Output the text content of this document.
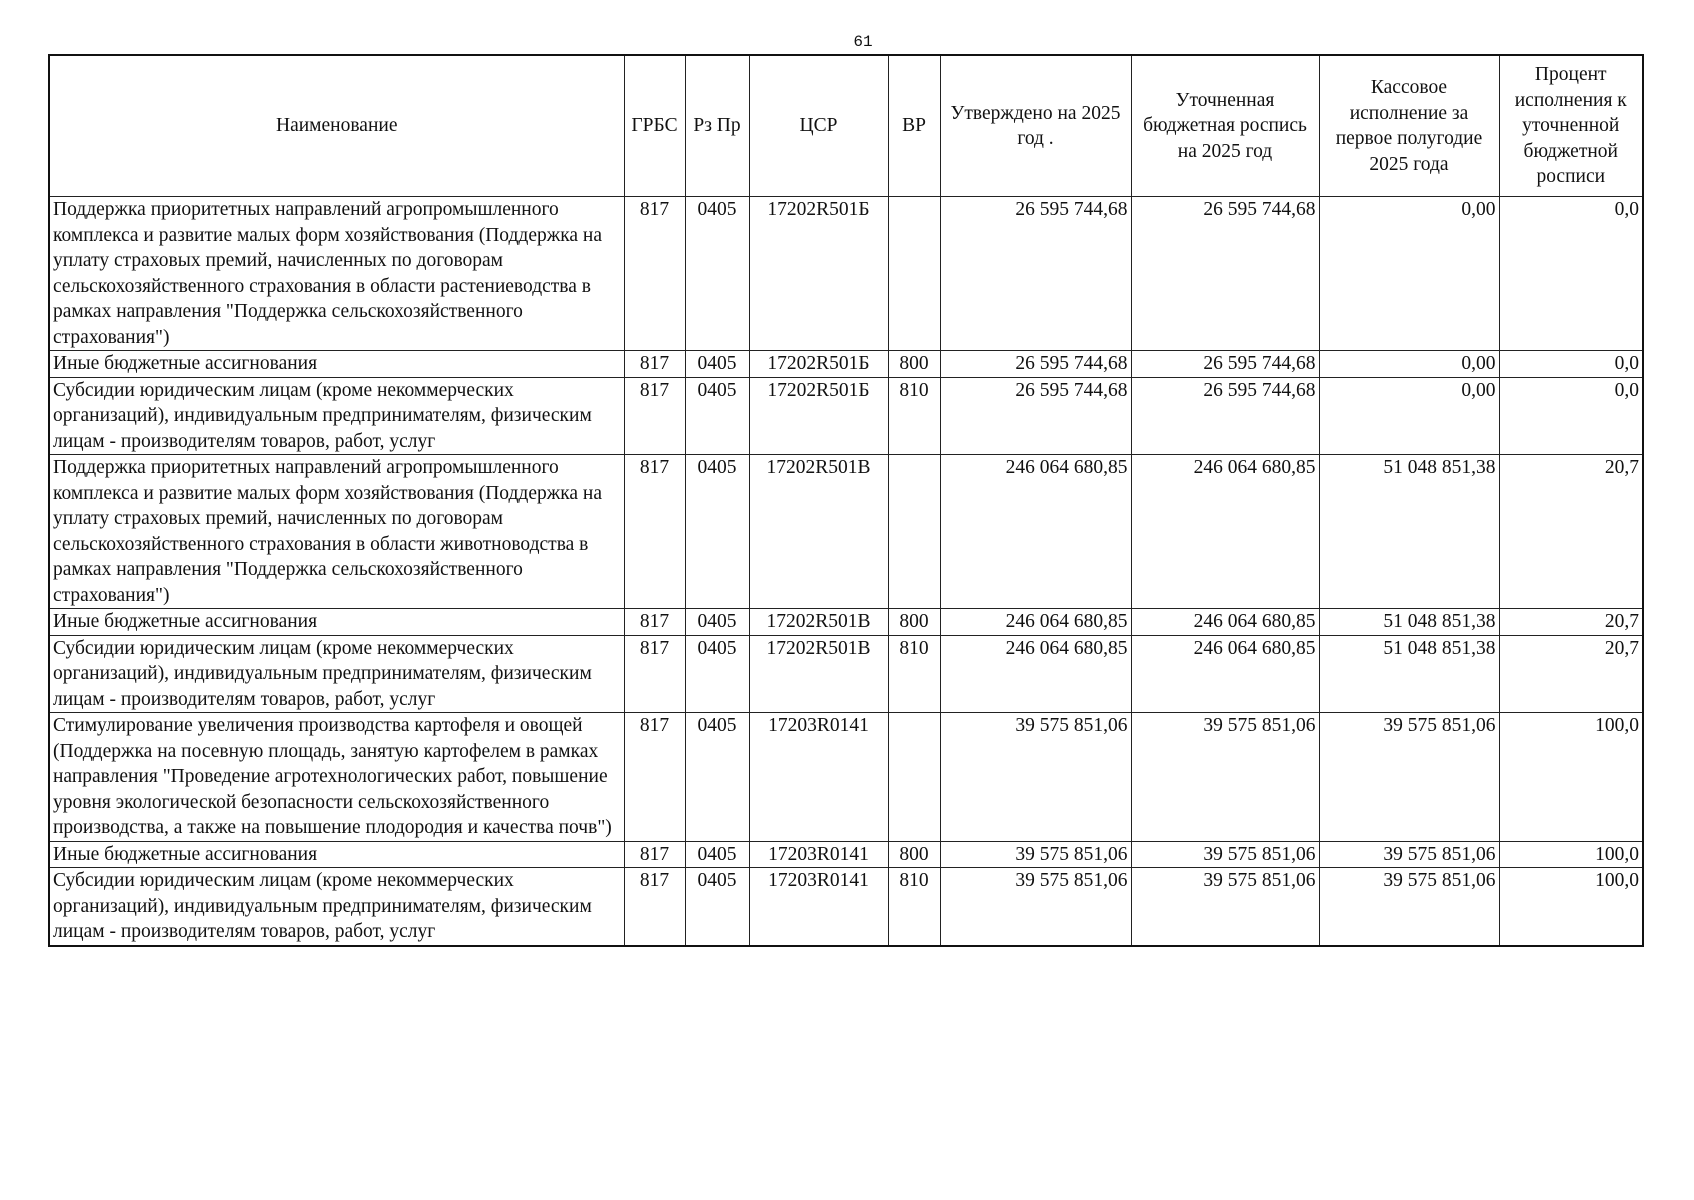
61
Наименование	ГРБС	Рз Пр	ЦСР	ВР	Утверждено на 2025 год .	Уточненная бюджетная роспись на 2025 год	Кассовое исполнение за первое полугодие 2025 года	Процент исполнения к уточненной бюджетной росписи
Поддержка приоритетных направлений агропромышленного комплекса и развитие малых форм хозяйствования (Поддержка на уплату страховых премий, начисленных по договорам сельскохозяйственного страхования в области растениеводства в рамках направления "Поддержка сельскохозяйственного страхования")	817	0405	17202R501Б		26 595 744,68	26 595 744,68	0,00	0,0
Иные бюджетные ассигнования	817	0405	17202R501Б	800	26 595 744,68	26 595 744,68	0,00	0,0
Субсидии юридическим лицам (кроме некоммерческих организаций), индивидуальным предпринимателям, физическим лицам - производителям товаров, работ, услуг	817	0405	17202R501Б	810	26 595 744,68	26 595 744,68	0,00	0,0
Поддержка приоритетных направлений агропромышленного комплекса и развитие малых форм хозяйствования (Поддержка на уплату страховых премий, начисленных по договорам сельскохозяйственного страхования в области животноводства в рамках направления "Поддержка сельскохозяйственного страхования")	817	0405	17202R501В		246 064 680,85	246 064 680,85	51 048 851,38	20,7
Иные бюджетные ассигнования	817	0405	17202R501В	800	246 064 680,85	246 064 680,85	51 048 851,38	20,7
Субсидии юридическим лицам (кроме некоммерческих организаций), индивидуальным предпринимателям, физическим лицам - производителям товаров, работ, услуг	817	0405	17202R501В	810	246 064 680,85	246 064 680,85	51 048 851,38	20,7
Стимулирование увеличения производства картофеля и овощей (Поддержка на посевную площадь, занятую картофелем в рамках направления "Проведение агротехнологических работ, повышение уровня экологической безопасности сельскохозяйственного производства, а также на повышение плодородия и качества почв")	817	0405	17203R0141		39 575 851,06	39 575 851,06	39 575 851,06	100,0
Иные бюджетные ассигнования	817	0405	17203R0141	800	39 575 851,06	39 575 851,06	39 575 851,06	100,0
Субсидии юридическим лицам (кроме некоммерческих организаций), индивидуальным предпринимателям, физическим лицам - производителям товаров, работ, услуг	817	0405	17203R0141	810	39 575 851,06	39 575 851,06	39 575 851,06	100,0
